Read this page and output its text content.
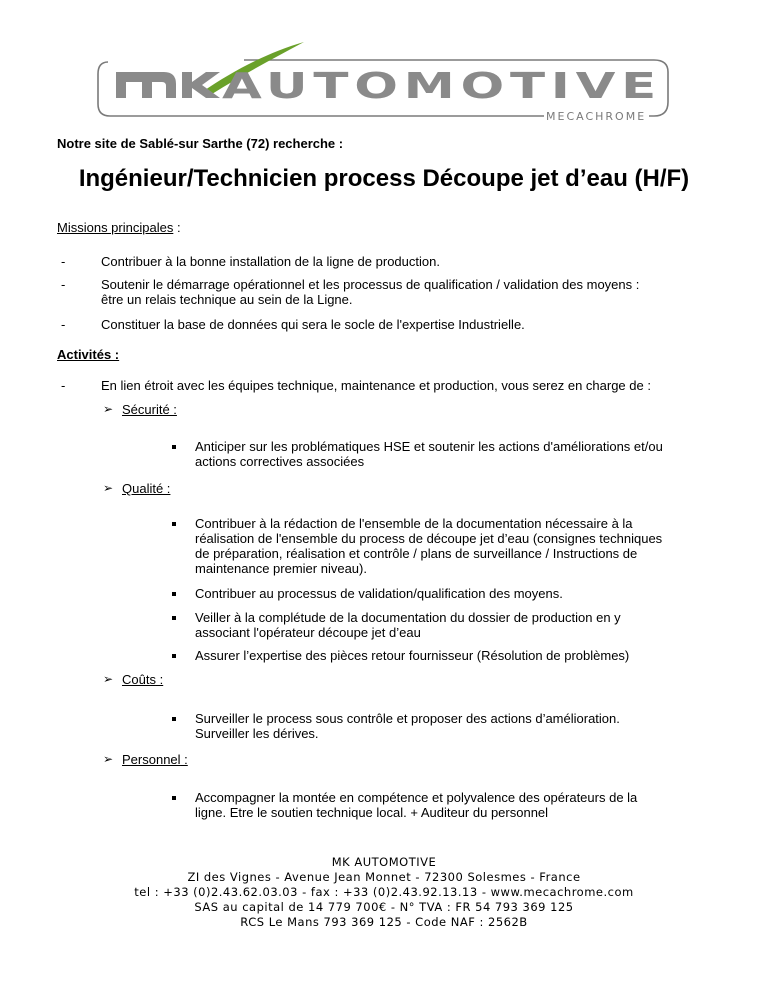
AUTOMOTIVE
MECACHROME
Notre site de Sablé-sur Sarthe (72) recherche :
Ingénieur/Technicien process Découpe jet d’eau (H/F)
Missions principales :
-	Contribuer à la bonne installation de la ligne de production.
-	Soutenir le démarrage opérationnel et les processus de qualification / validation des moyens :
être un relais technique au sein de la Ligne.
-	Constituer la base de données qui sera le socle de l'expertise Industrielle.
Activités :
-	En lien étroit avec les équipes technique, maintenance et production, vous serez en charge de :
➢ Sécurité :
Anticiper sur les problématiques HSE et soutenir les actions d'améliorations et/ou
actions correctives associées
➢ Qualité :
Contribuer à la rédaction de l'ensemble de la documentation nécessaire à la
réalisation de l'ensemble du process de découpe jet d’eau (consignes techniques
de préparation, réalisation et contrôle / plans de surveillance / Instructions de
maintenance premier niveau).
Contribuer au processus de validation/qualification des moyens.
Veiller à la complétude de la documentation du dossier de production en y
associant l'opérateur découpe jet d’eau
Assurer l’expertise des pièces retour fournisseur (Résolution de problèmes)
➢ Coûts :
Surveiller le process sous contrôle et proposer des actions d’amélioration.
Surveiller les dérives.
➢ Personnel :
Accompagner la montée en compétence et polyvalence des opérateurs de la
ligne. Etre le soutien technique local. + Auditeur du personnel
MK AUTOMOTIVE
ZI des Vignes - Avenue Jean Monnet - 72300 Solesmes - France
tel : +33 (0)2.43.62.03.03 - fax : +33 (0)2.43.92.13.13 - www.mecachrome.com
SAS au capital de 14 779 700€ - N° TVA : FR 54 793 369 125
RCS Le Mans 793 369 125 - Code NAF : 2562B
